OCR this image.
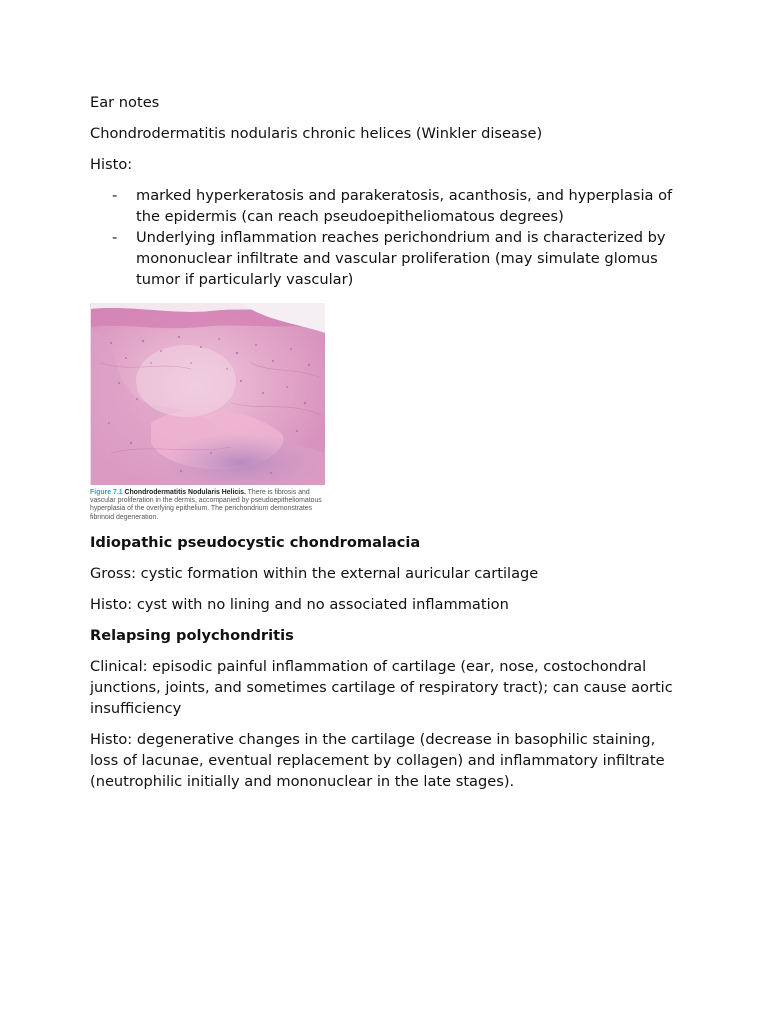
Ear notes

Chondrodermatitis nodularis chronic helices (Winkler disease)

Histo:

- marked hyperkeratosis and parakeratosis, acanthosis, and hyperplasia of the epidermis (can reach pseudoepitheliomatous degrees)
- Underlying inflammation reaches perichondrium and is characterized by mononuclear infiltrate and vascular proliferation (may simulate glomus tumor if particularly vascular)
Figure 7.1 Chondrodermatitis Nodularis Helicis. There is fibrosis and vascular proliferation in the dermis, accompanied by pseudoepitheliomatous hyperplasia of the overlying epithelium. The perichondrium demonstrates fibrinoid degeneration.

Idiopathic pseudocystic chondromalacia

Gross: cystic formation within the external auricular cartilage

Histo: cyst with no lining and no associated inflammation

Relapsing polychondritis

Clinical: episodic painful inflammation of cartilage (ear, nose, costochondral junctions, joints, and sometimes cartilage of respiratory tract); can cause aortic insufficiency

Histo: degenerative changes in the cartilage (decrease in basophilic staining, loss of lacunae, eventual replacement by collagen) and inflammatory infiltrate (neutrophilic initially and mononuclear in the late stages).
